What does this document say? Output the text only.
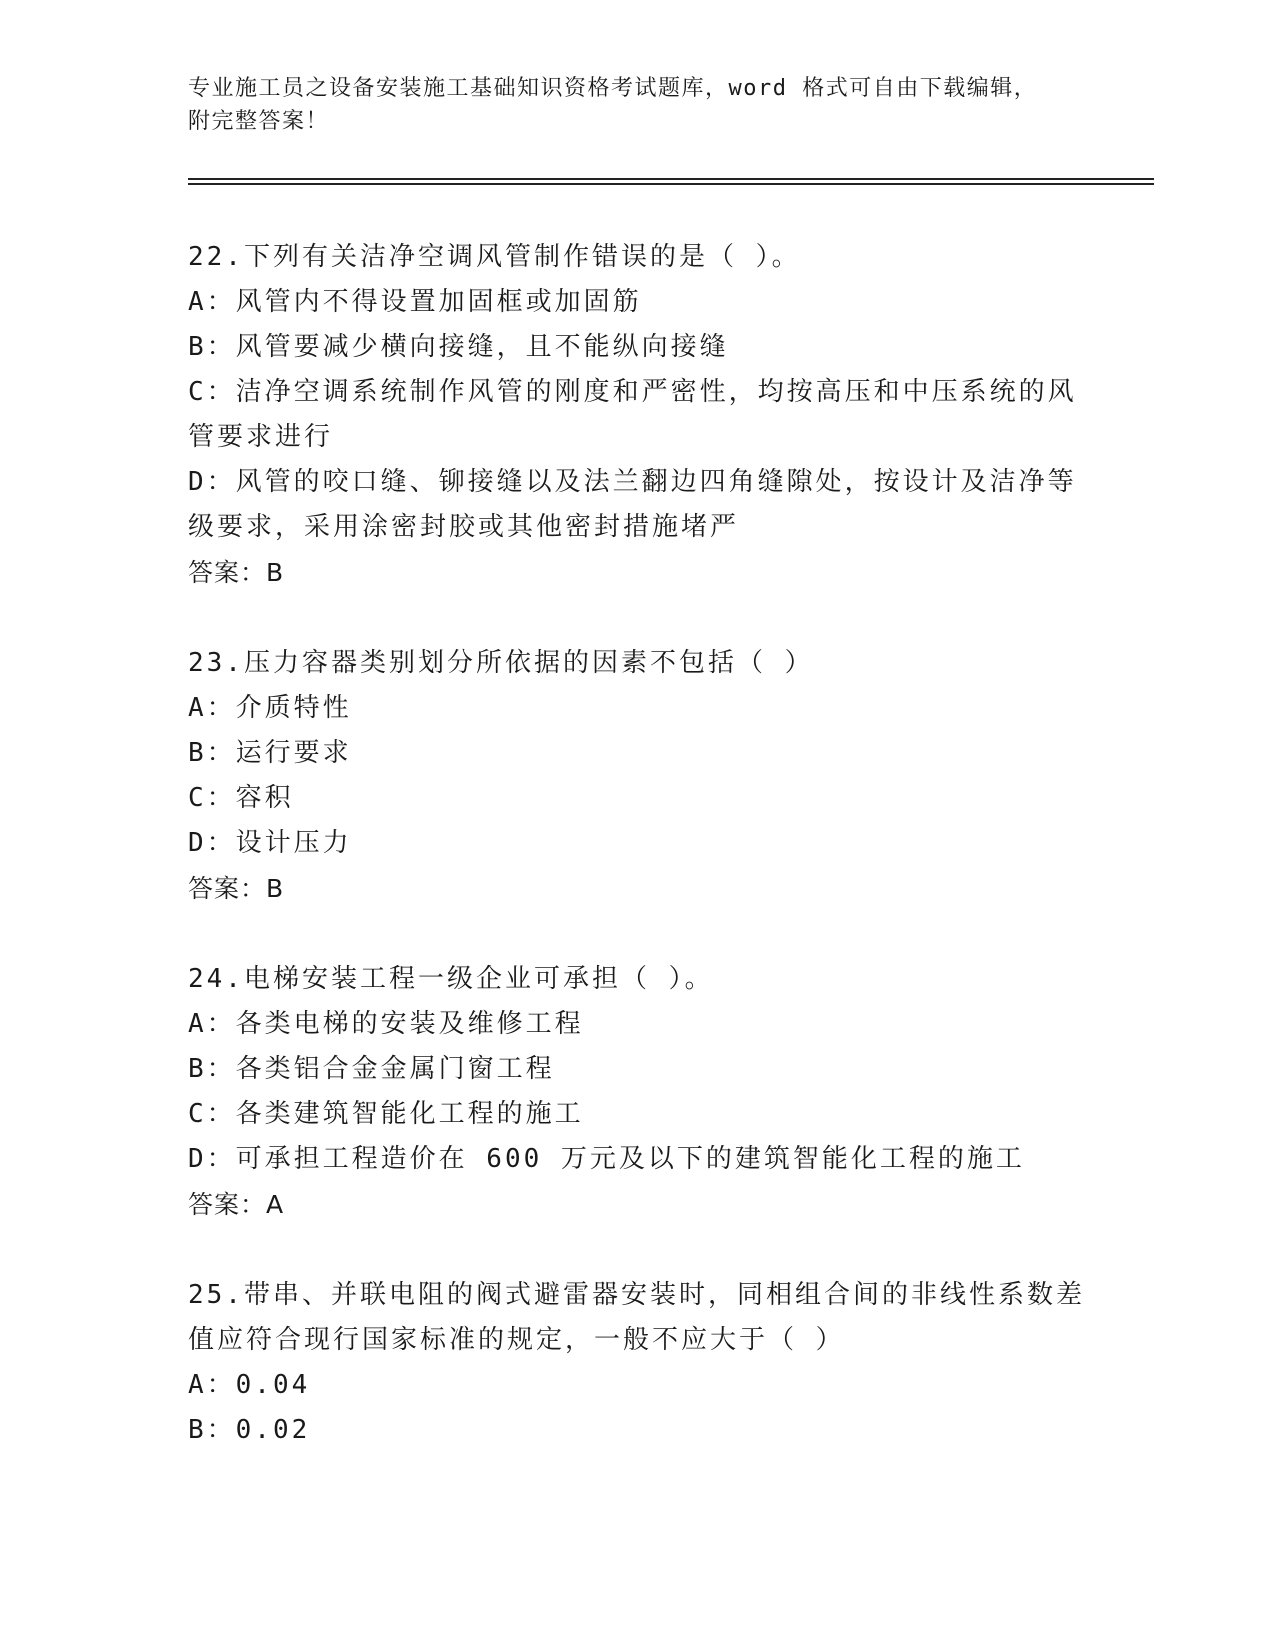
专业施工员之设备安装施工基础知识资格考试题库，word 格式可自由下载编辑，
附完整答案！

22.下列有关洁净空调风管制作错误的是（ ）。

A：风管内不得设置加固框或加固筋

B：风管要减少横向接缝，且不能纵向接缝

C：洁净空调系统制作风管的刚度和严密性，均按高压和中压系统的风管要求进行

D：风管的咬口缝、铆接缝以及法兰翻边四角缝隙处，按设计及洁净等级要求，采用涂密封胶或其他密封措施堵严

答案：B

23.压力容器类别划分所依据的因素不包括（ ）

A：介质特性

B：运行要求

C：容积

D：设计压力

答案：B

24.电梯安装工程一级企业可承担（ ）。

A：各类电梯的安装及维修工程

B：各类铝合金金属门窗工程

C：各类建筑智能化工程的施工

D：可承担工程造价在 600 万元及以下的建筑智能化工程的施工

答案：A

25.带串、并联电阻的阀式避雷器安装时，同相组合间的非线性系数差值应符合现行国家标准的规定，一般不应大于（ ）

A：0.04

B：0.02
